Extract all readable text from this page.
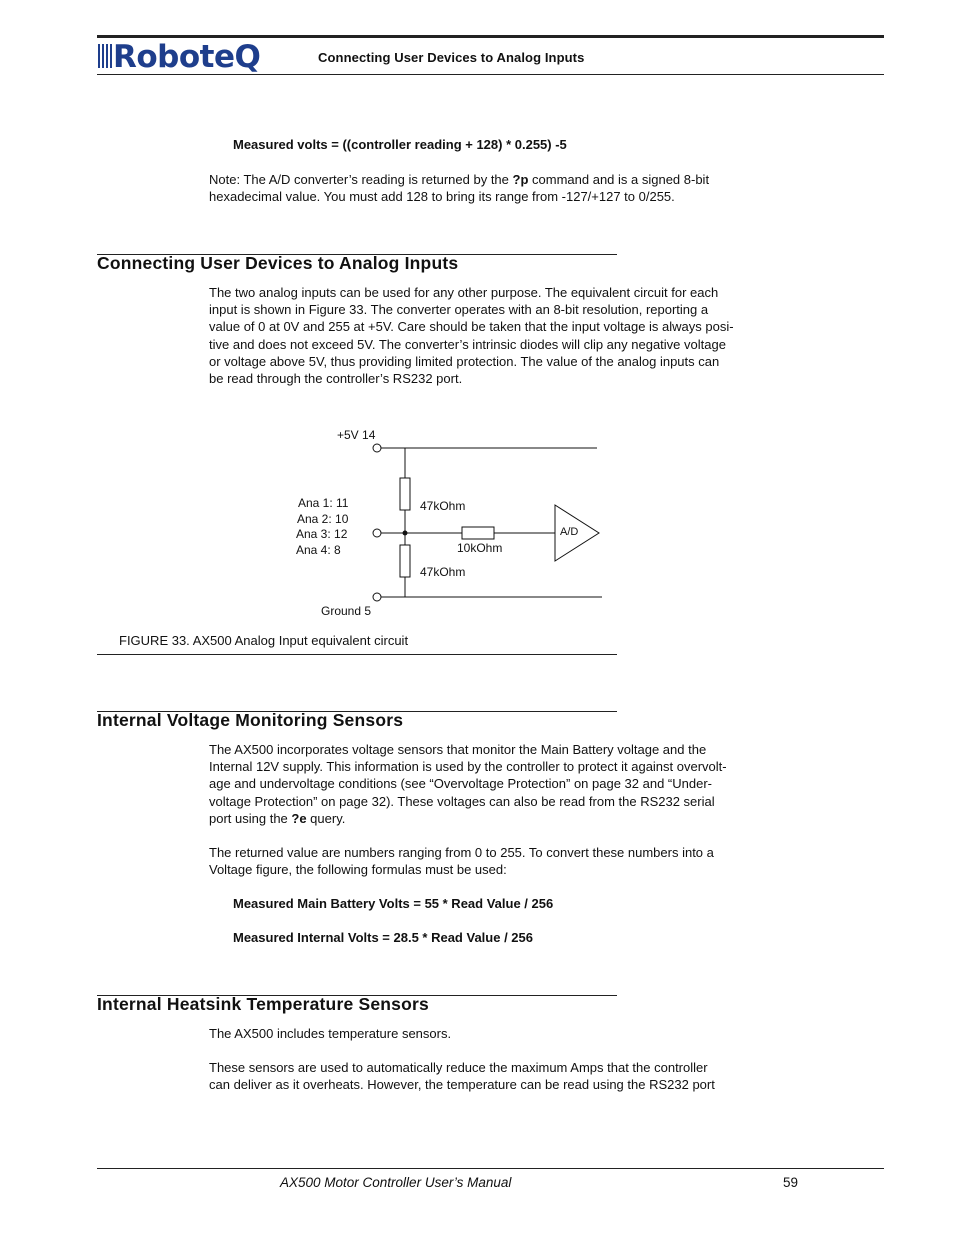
RoboteQ	Connecting User Devices to Analog Inputs
Measured volts = ((controller reading + 128) * 0.255) -5
Note: The A/D converter’s reading is returned by the ?p command and is a signed 8-bit
hexadecimal value. You must add 128 to bring its range from -127/+127 to 0/255.
Connecting User Devices to Analog Inputs
The two analog inputs can be used for any other purpose. The equivalent circuit for each
input is shown in Figure 33. The converter operates with an 8-bit resolution, reporting a
value of 0 at 0V and 255 at +5V. Care should be taken that the input voltage is always posi-
tive and does not exceed 5V. The converter’s intrinsic diodes will clip any negative voltage
or voltage above 5V, thus providing limited protection. The value of the analog inputs can
be read through the controller’s RS232 port.
+5V 14
Ana 1: 11
Ana 2: 10
Ana 3: 12
Ana 4: 8
Ground 5
47kOhm
10kOhm
47kOhm
A/D
FIGURE 33. AX500 Analog Input equivalent circuit
Internal Voltage Monitoring Sensors
The AX500 incorporates voltage sensors that monitor the Main Battery voltage and the
Internal 12V supply. This information is used by the controller to protect it against overvolt-
age and undervoltage conditions (see “Overvoltage Protection” on page 32 and “Under-
voltage Protection” on page 32). These voltages can also be read from the RS232 serial
port using the ?e query.
The returned value are numbers ranging from 0 to 255. To convert these numbers into a
Voltage figure, the following formulas must be used:
Measured Main Battery Volts = 55 * Read Value / 256
Measured Internal Volts = 28.5 * Read Value / 256
Internal Heatsink Temperature Sensors
The AX500 includes temperature sensors.
These sensors are used to automatically reduce the maximum Amps that the controller
can deliver as it overheats. However, the temperature can be read using the RS232 port
AX500 Motor Controller User’s Manual	59
